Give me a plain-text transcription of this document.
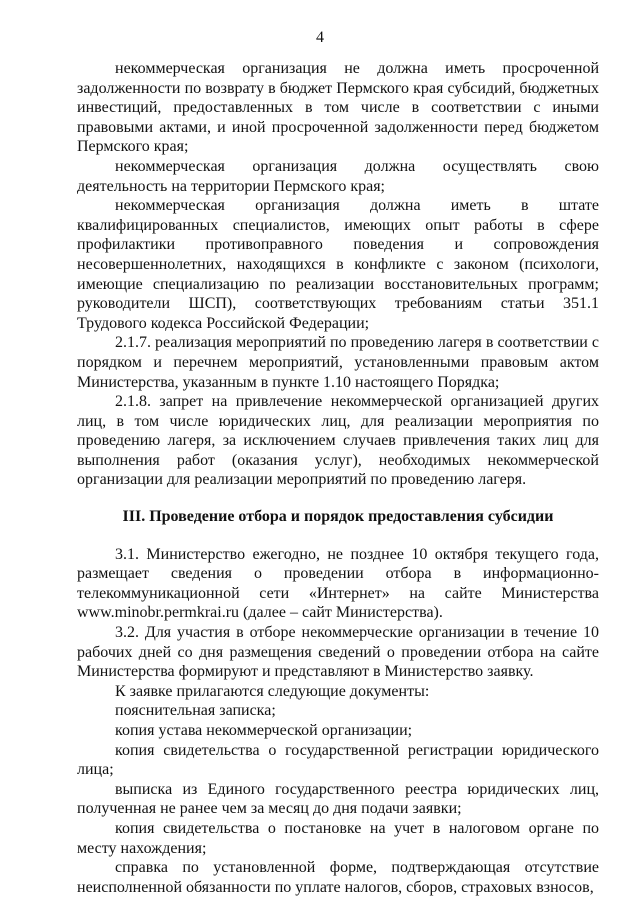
4

некоммерческая организация не должна иметь просроченной задолженности по возврату в бюджет Пермского края субсидий, бюджетных инвестиций, предоставленных в том числе в соответствии с иными правовыми актами, и иной просроченной задолженности перед бюджетом Пермского края;

некоммерческая организация должна осуществлять свою деятельность на территории Пермского края;

некоммерческая организация должна иметь в штате квалифицированных специалистов, имеющих опыт работы в сфере профилактики противоправного поведения и сопровождения несовершеннолетних, находящихся в конфликте с законом (психологи, имеющие специализацию по реализации восстановительных программ; руководители ШСП), соответствующих требованиям статьи 351.1 Трудового кодекса Российской Федерации;

2.1.7. реализация мероприятий по проведению лагеря в соответствии с порядком и перечнем мероприятий, установленными правовым актом Министерства, указанным в пункте 1.10 настоящего Порядка;

2.1.8. запрет на привлечение некоммерческой организацией других лиц, в том числе юридических лиц, для реализации мероприятия по проведению лагеря, за исключением случаев привлечения таких лиц для выполнения работ (оказания услуг), необходимых некоммерческой организации для реализации мероприятий по проведению лагеря.

III. Проведение отбора и порядок предоставления субсидии

3.1. Министерство ежегодно, не позднее 10 октября текущего года, размещает сведения о проведении отбора в информационно-телекоммуникационной сети «Интернет» на сайте Министерства www.minobr.permkrai.ru (далее – сайт Министерства).

3.2. Для участия в отборе некоммерческие организации в течение 10 рабочих дней со дня размещения сведений о проведении отбора на сайте Министерства формируют и представляют в Министерство заявку.

К заявке прилагаются следующие документы:

пояснительная записка;

копия устава некоммерческой организации;

копия свидетельства о государственной регистрации юридического лица;

выписка из Единого государственного реестра юридических лиц, полученная не ранее чем за месяц до дня подачи заявки;

копия свидетельства о постановке на учет в налоговом органе по месту нахождения;

справка по установленной форме, подтверждающая отсутствие неисполненной обязанности по уплате налогов, сборов, страховых взносов,
